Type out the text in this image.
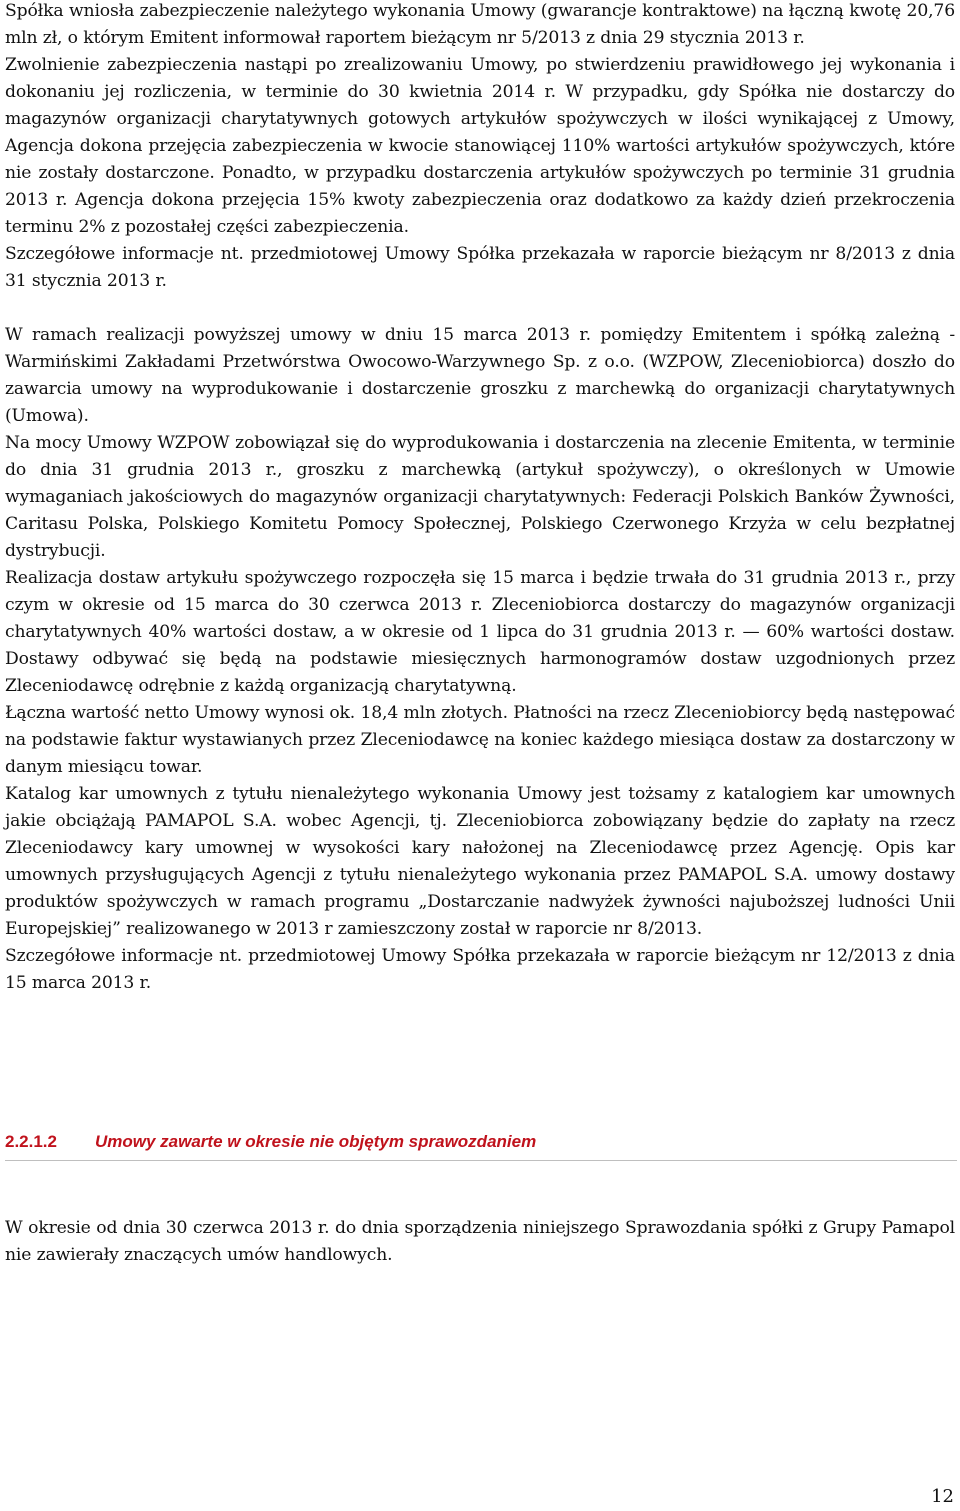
Spółka wniosła zabezpieczenie należytego wykonania Umowy (gwarancje kontraktowe) na łączną kwotę 20,76 mln zł, o którym Emitent informował raportem bieżącym nr 5/2013 z dnia 29 stycznia 2013 r.

Zwolnienie zabezpieczenia nastąpi po zrealizowaniu Umowy, po stwierdzeniu prawidłowego jej wykonania i dokonaniu jej rozliczenia, w terminie do 30 kwietnia 2014 r. W przypadku, gdy Spółka nie dostarczy do magazynów organizacji charytatywnych gotowych artykułów spożywczych w ilości wynikającej z Umowy, Agencja dokona przejęcia zabezpieczenia w kwocie stanowiącej 110% wartości artykułów spożywczych, które nie zostały dostarczone. Ponadto, w przypadku dostarczenia artykułów spożywczych po terminie 31 grudnia 2013 r. Agencja dokona przejęcia 15% kwoty zabezpieczenia oraz dodatkowo za każdy dzień przekroczenia terminu 2% z pozostałej części zabezpieczenia.

Szczegółowe informacje nt. przedmiotowej Umowy Spółka przekazała w raporcie bieżącym nr 8/2013 z dnia 31 stycznia 2013 r.

W ramach realizacji powyższej umowy w dniu 15 marca 2013 r. pomiędzy Emitentem i spółką zależną - Warmińskimi Zakładami Przetwórstwa Owocowo-Warzywnego Sp. z o.o. (WZPOW, Zleceniobiorca) doszło do zawarcia umowy na wyprodukowanie i dostarczenie groszku z marchewką do organizacji charytatywnych (Umowa).

Na mocy Umowy WZPOW zobowiązał się do wyprodukowania i dostarczenia na zlecenie Emitenta, w terminie do dnia 31 grudnia 2013 r., groszku z marchewką (artykuł spożywczy), o określonych w Umowie wymaganiach jakościowych do magazynów organizacji charytatywnych: Federacji Polskich Banków Żywności, Caritasu Polska, Polskiego Komitetu Pomocy Społecznej, Polskiego Czerwonego Krzyża w celu bezpłatnej dystrybucji.

Realizacja dostaw artykułu spożywczego rozpoczęła się 15 marca i będzie trwała do 31 grudnia 2013 r., przy czym w okresie od 15 marca do 30 czerwca 2013 r. Zleceniobiorca dostarczy do magazynów organizacji charytatywnych 40% wartości dostaw, a w okresie od 1 lipca do 31 grudnia 2013 r. — 60% wartości dostaw. Dostawy odbywać się będą na podstawie miesięcznych harmonogramów dostaw uzgodnionych przez Zleceniodawcę odrębnie z każdą organizacją charytatywną.

Łączna wartość netto Umowy wynosi ok. 18,4 mln złotych. Płatności na rzecz Zleceniobiorcy będą następować na podstawie faktur wystawianych przez Zleceniodawcę na koniec każdego miesiąca dostaw za dostarczony w danym miesiącu towar.

Katalog kar umownych z tytułu nienależytego wykonania Umowy jest tożsamy z katalogiem kar umownych jakie obciążają PAMAPOL S.A. wobec Agencji, tj. Zleceniobiorca zobowiązany będzie do zapłaty na rzecz Zleceniodawcy kary umownej w wysokości kary nałożonej na Zleceniodawcę przez Agencję. Opis kar umownych przysługujących Agencji z tytułu nienależytego wykonania przez PAMAPOL S.A. umowy dostawy produktów spożywczych w ramach programu „Dostarczanie nadwyżek żywności najuboższej ludności Unii Europejskiej” realizowanego w 2013 r zamieszczony został w raporcie nr 8/2013.

Szczegółowe informacje nt. przedmiotowej Umowy Spółka przekazała w raporcie bieżącym nr 12/2013 z dnia 15 marca 2013 r.

2.2.1.2 Umowy zawarte w okresie nie objętym sprawozdaniem

W okresie od dnia 30 czerwca 2013 r. do dnia sporządzenia niniejszego Sprawozdania spółki z Grupy Pamapol nie zawierały znaczących umów handlowych.

12
